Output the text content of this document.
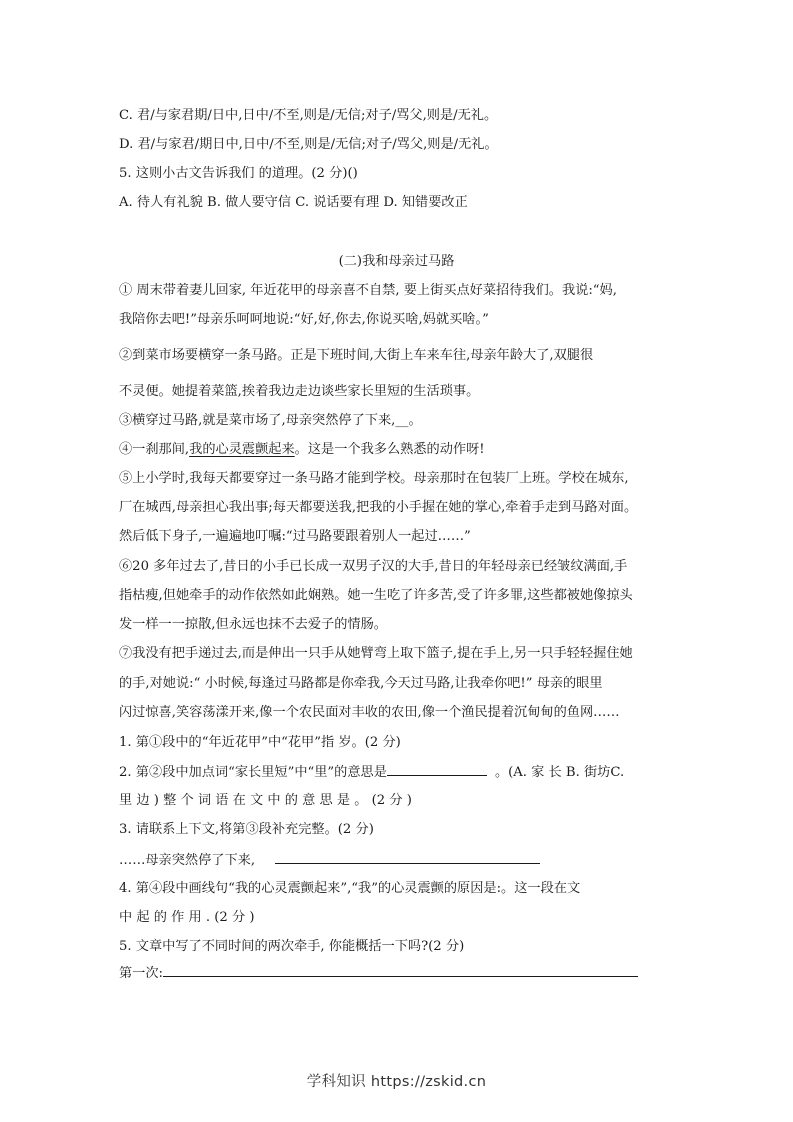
C. 君/与家君期/日中,日中/不至,则是/无信;对子/骂父,则是/无礼。
D. 君/与家君/期日中,日中/不至,则是/无信;对子/骂父,则是/无礼。
5. 这则小古文告诉我们 的道理。(2 分)()
A. 待人有礼貌 B. 做人要守信 C. 说话要有理 D. 知错要改正
(二)我和母亲过马路
① 周末带着妻儿回家, 年近花甲的母亲喜不自禁, 要上街买点好菜招待我们。我说:“妈,
我陪你去吧!”母亲乐呵呵地说:“好,好,你去,你说买啥,妈就买啥。”
②到菜市场要横穿一条马路。正是下班时间,大街上车来车往,母亲年龄大了,双腿很
不灵便。她提着菜篮,挨着我边走边谈些家长里短的生活琐事。
③横穿过马路,就是菜市场了,母亲突然停了下来,__。
④一刹那间,我的心灵震颤起来。这是一个我多么熟悉的动作呀!
⑤上小学时,我每天都要穿过一条马路才能到学校。母亲那时在包装厂上班。学校在城东,
厂在城西,母亲担心我出事;每天都要送我,把我的小手握在她的掌心,牵着手走到马路对面。
然后低下身子,一遍遍地叮嘱:“过马路要跟着别人一起过……”
⑥20 多年过去了,昔日的小手已长成一双男子汉的大手,昔日的年轻母亲已经皱纹满面,手
指枯瘦,但她牵手的动作依然如此娴熟。她一生吃了许多苦,受了许多罪,这些都被她像掠头
发一样一一掠散,但永远也抹不去爱子的情肠。
⑦我没有把手递过去,而是伸出一只手从她臂弯上取下篮子,提在手上,另一只手轻轻握住她
的手,对她说:“ 小时候,每逢过马路都是你牵我,今天过马路,让我牵你吧!” 母亲的眼里
闪过惊喜,笑容荡漾开来,像一个农民面对丰收的农田,像一个渔民提着沉甸甸的鱼网……
1. 第①段中的“年近花甲”中“花甲”指 岁。(2 分)
2. 第②段中加点词“家长里短”中“里”的意思是	。(A. 家 长 B. 街坊C.
里 边 ) 整 个 词 语 在 文 中 的 意 思 是 。 (2 分 )
3. 请联系上下文,将第③段补充完整。(2 分)
……母亲突然停了下来,
4. 第④段中画线句“我的心灵震颤起来”,“我”的心灵震颤的原因是:。这一段在文
中 起 的 作 用 . (2 分 )
5. 文章中写了不同时间的两次牵手, 你能概括一下吗?(2 分)
第一次:
学科知识 https://zskid.cn
